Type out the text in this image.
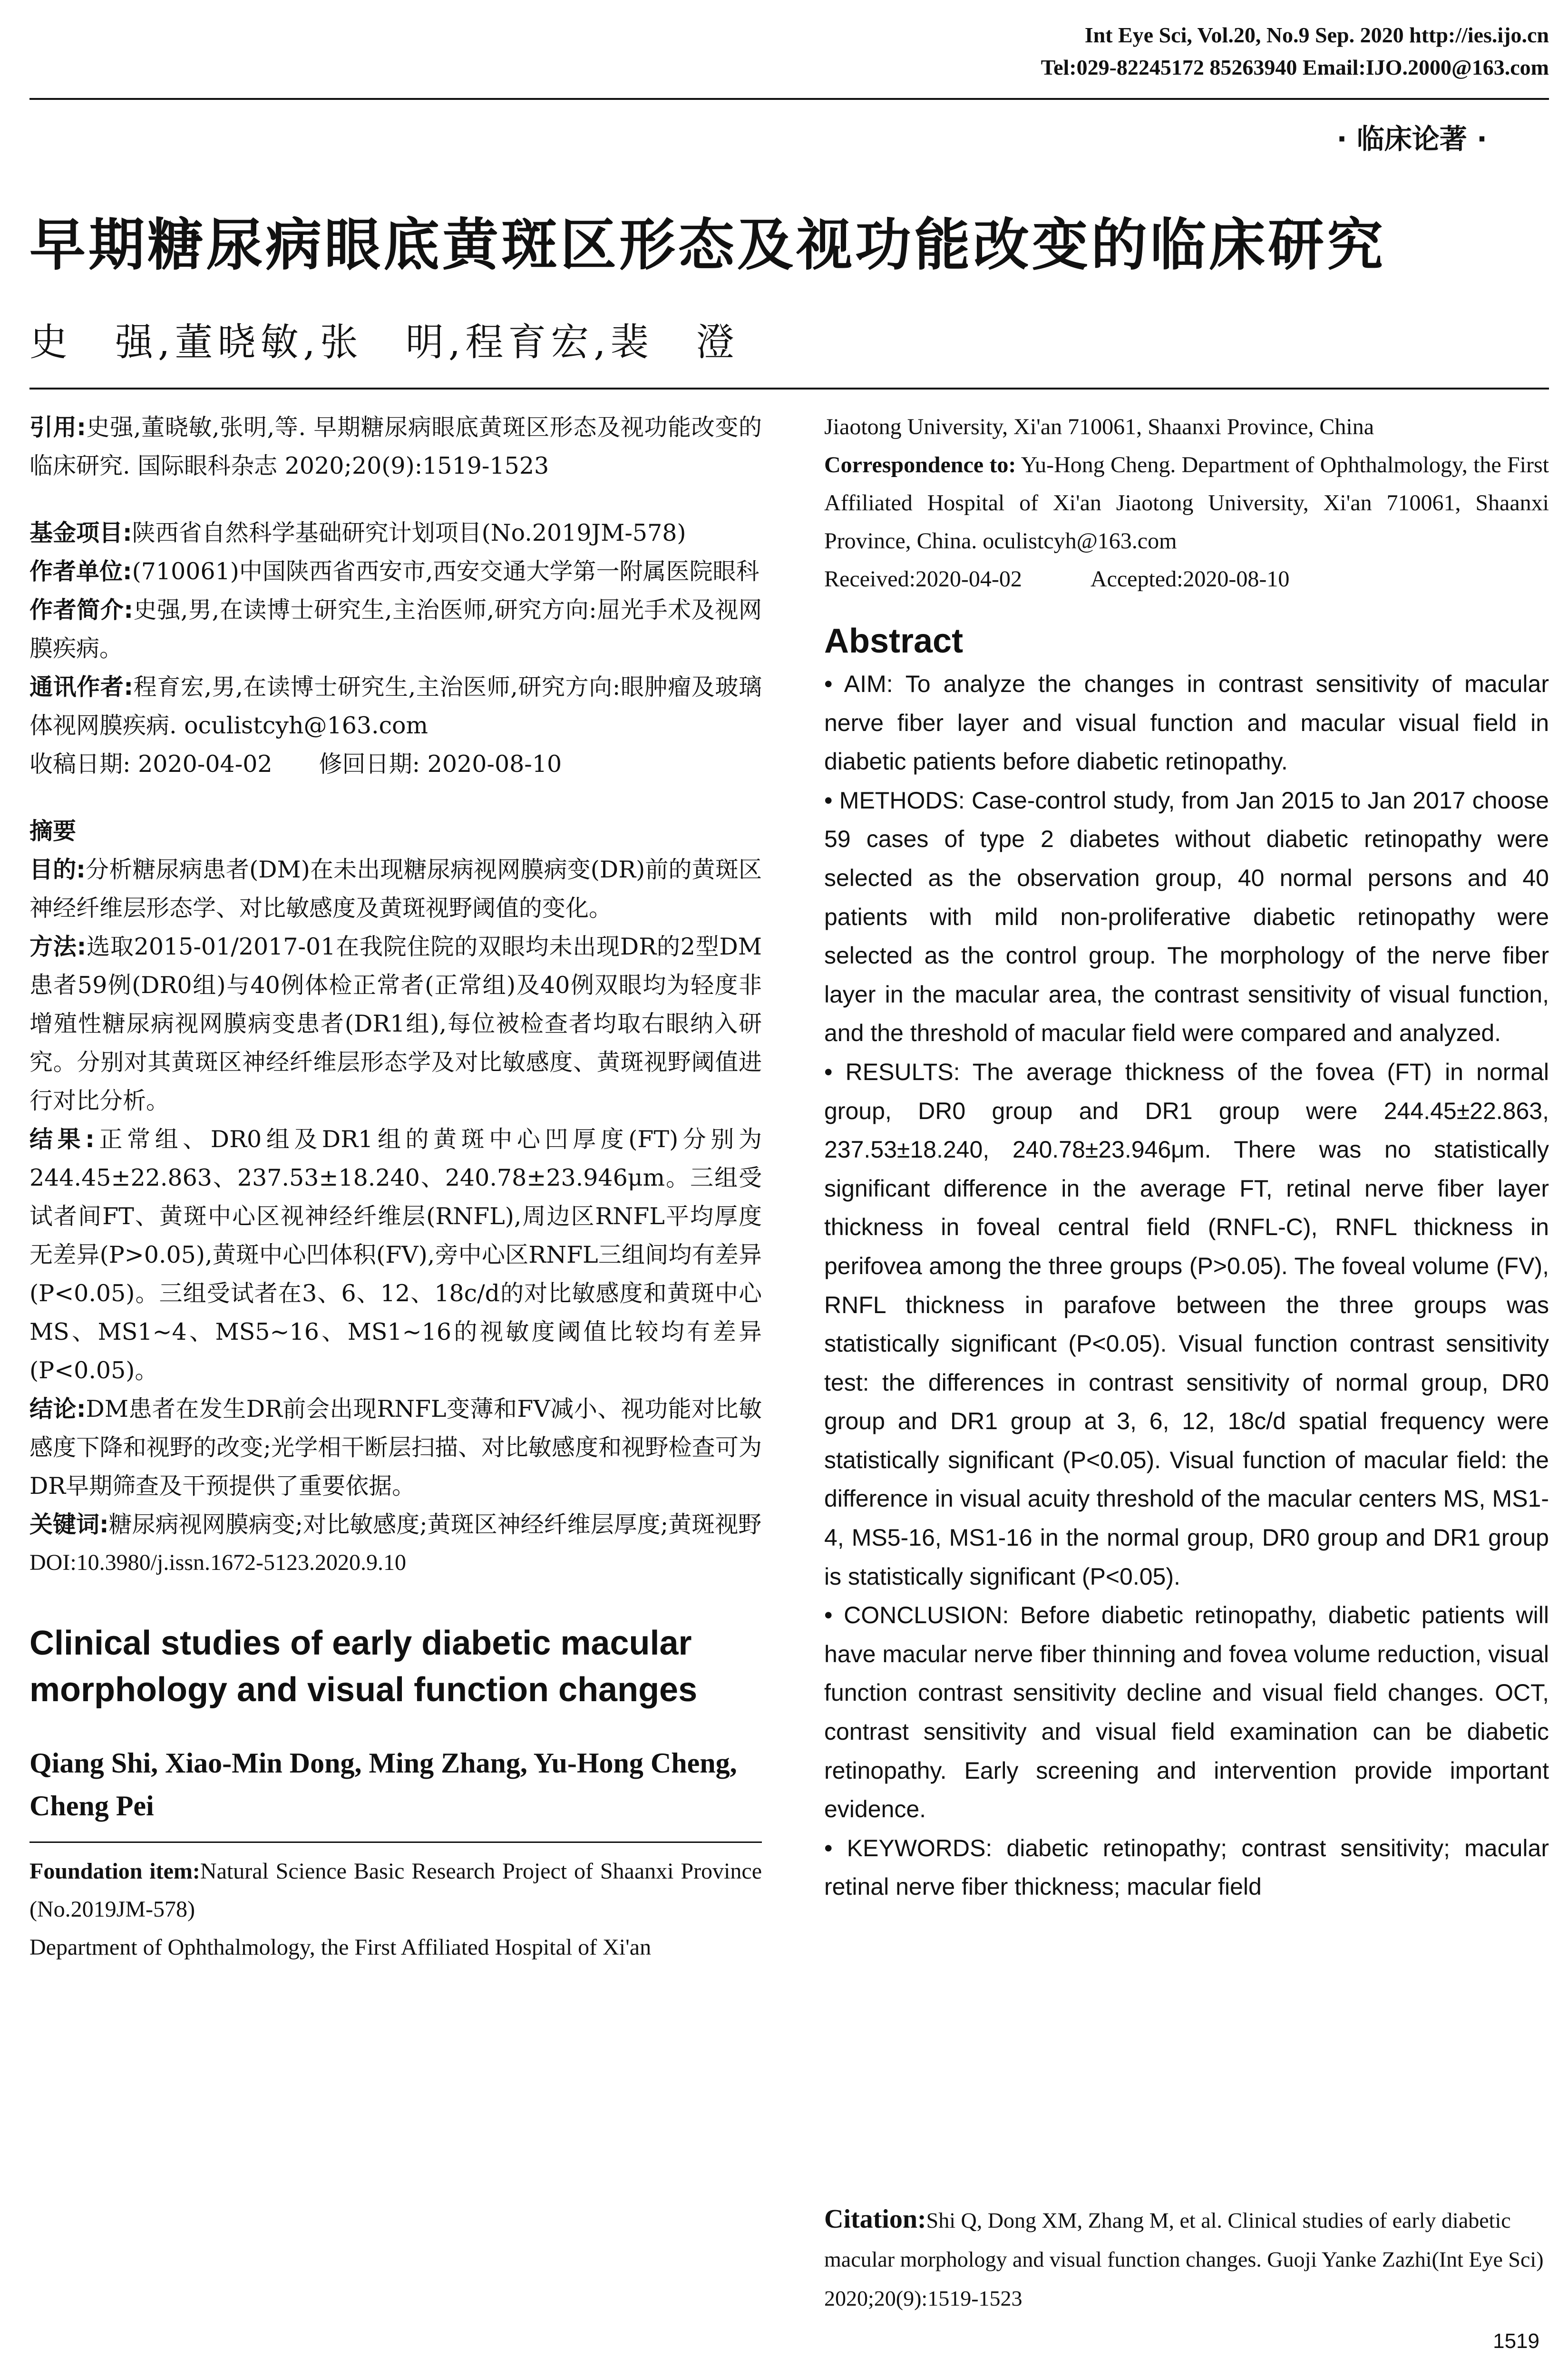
Int Eye Sci, Vol.20, No.9 Sep. 2020 http://ies.ijo.cn
Tel:029-82245172 85263940 Email:IJO.2000@163.com
· 临床论著 ·
早期糖尿病眼底黄斑区形态及视功能改变的临床研究
史　强,董晓敏,张　明,程育宏,裴　澄

引用:史强,董晓敏,张明,等. 早期糖尿病眼底黄斑区形态及视功能改变的临床研究. 国际眼科杂志 2020;20(9):1519-1523

基金项目:陕西省自然科学基础研究计划项目(No.2019JM-578)

作者单位:(710061)中国陕西省西安市,西安交通大学第一附属医院眼科

作者简介:史强,男,在读博士研究生,主治医师,研究方向:屈光手术及视网膜疾病。

通讯作者:程育宏,男,在读博士研究生,主治医师,研究方向:眼肿瘤及玻璃体视网膜疾病. oculistcyh@163.com

收稿日期: 2020-04-02　　修回日期: 2020-08-10

摘要

目的:分析糖尿病患者(DM)在未出现糖尿病视网膜病变(DR)前的黄斑区神经纤维层形态学、对比敏感度及黄斑视野阈值的变化。

方法:选取2015-01/2017-01在我院住院的双眼均未出现DR的2型DM患者59例(DR0组)与40例体检正常者(正常组)及40例双眼均为轻度非增殖性糖尿病视网膜病变患者(DR1组),每位被检查者均取右眼纳入研究。分别对其黄斑区神经纤维层形态学及对比敏感度、黄斑视野阈值进行对比分析。

结果:正常组、DR0组及DR1组的黄斑中心凹厚度(FT)分别为244.45±22.863、237.53±18.240、240.78±23.946μm。三组受试者间FT、黄斑中心区视神经纤维层(RNFL),周边区RNFL平均厚度无差异(P>0.05),黄斑中心凹体积(FV),旁中心区RNFL三组间均有差异(P<0.05)。三组受试者在3、6、12、18c/d的对比敏感度和黄斑中心MS、MS1~4、MS5~16、MS1~16的视敏度阈值比较均有差异(P<0.05)。

结论:DM患者在发生DR前会出现RNFL变薄和FV减小、视功能对比敏感度下降和视野的改变;光学相干断层扫描、对比敏感度和视野检查可为DR早期筛查及干预提供了重要依据。

关键词:糖尿病视网膜病变;对比敏感度;黄斑区神经纤维层厚度;黄斑视野

DOI:10.3980/j.issn.1672-5123.2020.9.10

Clinical studies of early diabetic macular morphology and visual function changes

Qiang Shi, Xiao-Min Dong, Ming Zhang, Yu-Hong Cheng, Cheng Pei

Foundation item:Natural Science Basic Research Project of Shaanxi Province (No.2019JM-578)

Department of Ophthalmology, the First Affiliated Hospital of Xi'an

Jiaotong University, Xi'an 710061, Shaanxi Province, China

Correspondence to: Yu-Hong Cheng. Department of Ophthalmology, the First Affiliated Hospital of Xi'an Jiaotong University, Xi'an 710061, Shaanxi Province, China. oculistcyh@163.com

Received:2020-04-02　　　Accepted:2020-08-10

Abstract

• AIM: To analyze the changes in contrast sensitivity of macular nerve fiber layer and visual function and macular visual field in diabetic patients before diabetic retinopathy.

• METHODS: Case-control study, from Jan 2015 to Jan 2017 choose 59 cases of type 2 diabetes without diabetic retinopathy were selected as the observation group, 40 normal persons and 40 patients with mild non-proliferative diabetic retinopathy were selected as the control group. The morphology of the nerve fiber layer in the macular area, the contrast sensitivity of visual function, and the threshold of macular field were compared and analyzed.

• RESULTS: The average thickness of the fovea (FT) in normal group, DR0 group and DR1 group were 244.45±22.863, 237.53±18.240, 240.78±23.946μm. There was no statistically significant difference in the average FT, retinal nerve fiber layer thickness in foveal central field (RNFL-C), RNFL thickness in perifovea among the three groups (P>0.05). The foveal volume (FV), RNFL thickness in parafove between the three groups was statistically significant (P<0.05). Visual function contrast sensitivity test: the differences in contrast sensitivity of normal group, DR0 group and DR1 group at 3, 6, 12, 18c/d spatial frequency were statistically significant (P<0.05). Visual function of macular field: the difference in visual acuity threshold of the macular centers MS, MS1-4, MS5-16, MS1-16 in the normal group, DR0 group and DR1 group is statistically significant (P<0.05).

• CONCLUSION: Before diabetic retinopathy, diabetic patients will have macular nerve fiber thinning and fovea volume reduction, visual function contrast sensitivity decline and visual field changes. OCT, contrast sensitivity and visual field examination can be diabetic retinopathy. Early screening and intervention provide important evidence.

• KEYWORDS: diabetic retinopathy; contrast sensitivity; macular retinal nerve fiber thickness; macular field

Citation:Shi Q, Dong XM, Zhang M, et al. Clinical studies of early diabetic macular morphology and visual function changes. Guoji Yanke Zazhi(Int Eye Sci) 2020;20(9):1519-1523
1519
